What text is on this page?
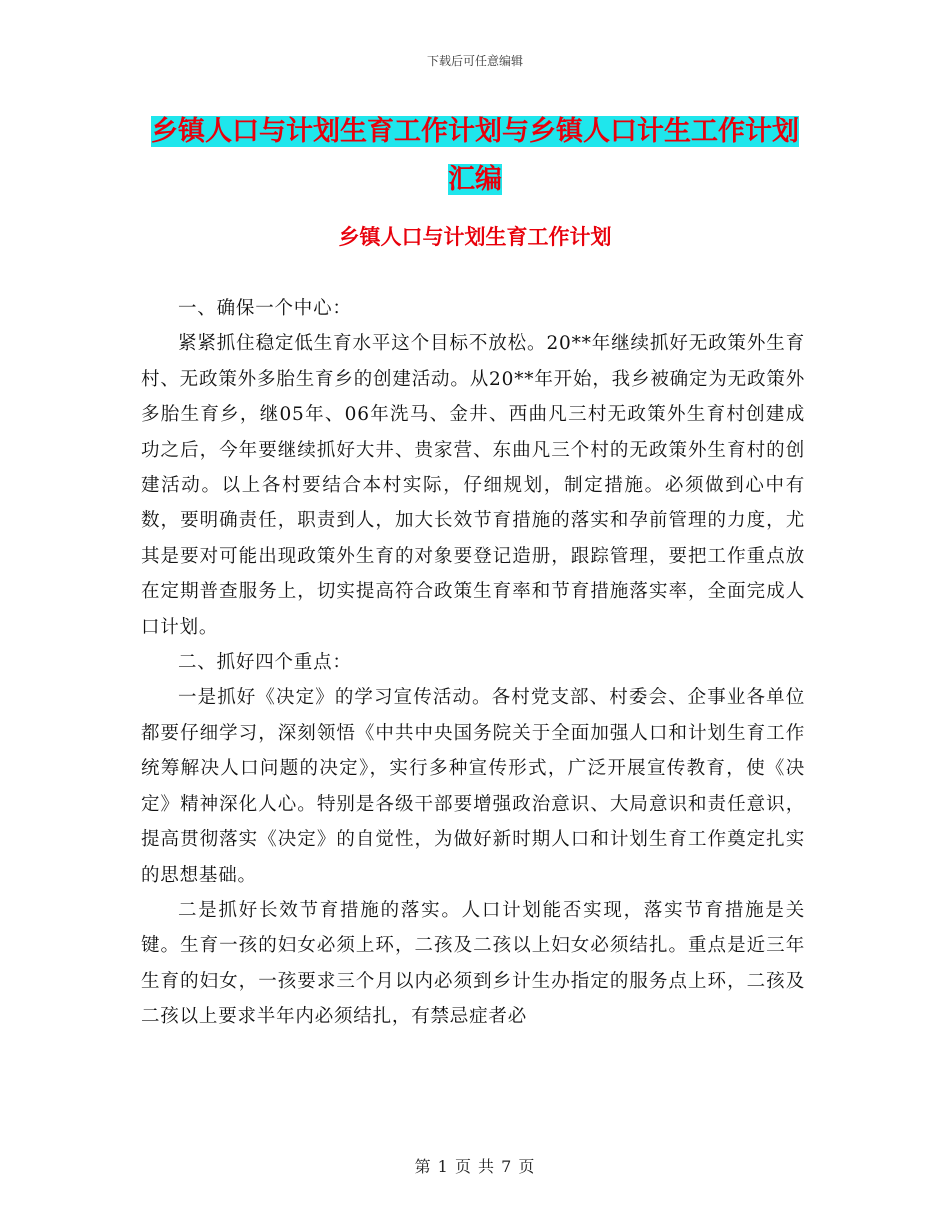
下载后可任意编辑
乡镇人口与计划生育工作计划与乡镇人口计生工作计划汇编
乡镇人口与计划生育工作计划

一、确保一个中心：

紧紧抓住稳定低生育水平这个目标不放松。20**年继续抓好无政策外生育村、无政策外多胎生育乡的创建活动。从20**年开始，我乡被确定为无政策外多胎生育乡，继05年、06年洗马、金井、西曲凡三村无政策外生育村创建成功之后，今年要继续抓好大井、贵家营、东曲凡三个村的无政策外生育村的创建活动。以上各村要结合本村实际，仔细规划，制定措施。必须做到心中有数，要明确责任，职责到人，加大长效节育措施的落实和孕前管理的力度，尤其是要对可能出现政策外生育的对象要登记造册，跟踪管理，要把工作重点放在定期普查服务上，切实提高符合政策生育率和节育措施落实率，全面完成人口计划。

二、抓好四个重点：

一是抓好《决定》的学习宣传活动。各村党支部、村委会、企事业各单位都要仔细学习，深刻领悟《中共中央国务院关于全面加强人口和计划生育工作统筹解决人口问题的决定》，实行多种宣传形式，广泛开展宣传教育，使《决定》精神深化人心。特别是各级干部要增强政治意识、大局意识和责任意识，提高贯彻落实《决定》的自觉性，为做好新时期人口和计划生育工作奠定扎实的思想基础。

二是抓好长效节育措施的落实。人口计划能否实现，落实节育措施是关键。生育一孩的妇女必须上环，二孩及二孩以上妇女必须结扎。重点是近三年生育的妇女，一孩要求三个月以内必须到乡计生办指定的服务点上环，二孩及二孩以上要求半年内必须结扎，有禁忌症者必

第 1 页 共 7 页
